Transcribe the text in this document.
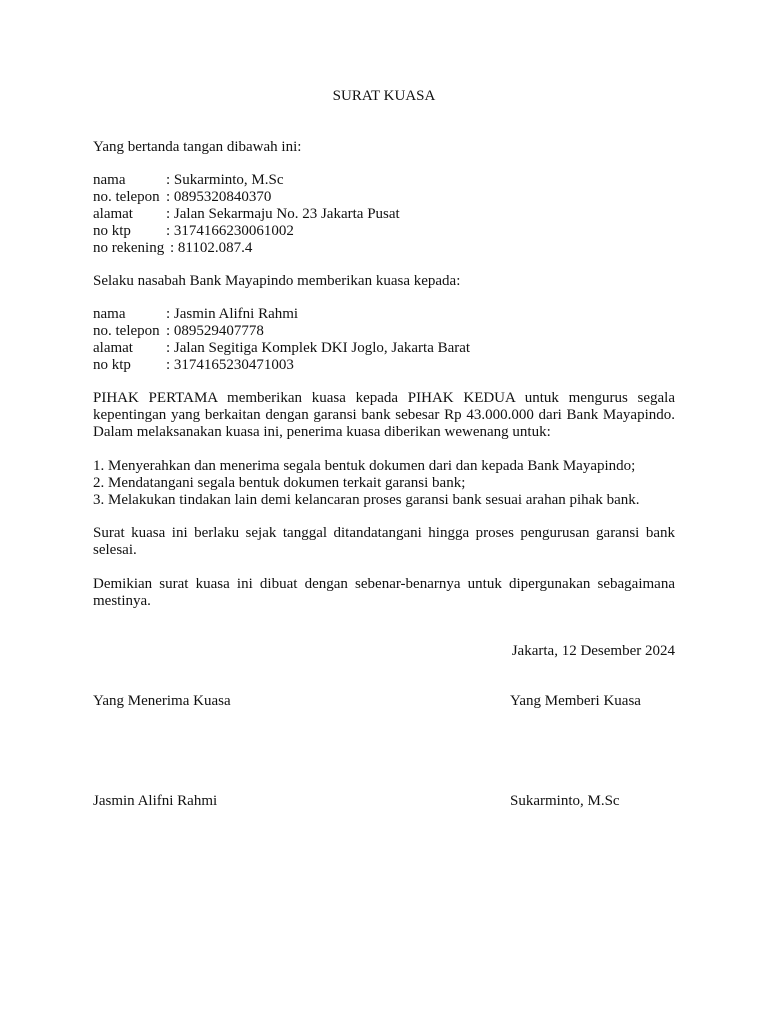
SURAT KUASA
Yang bertanda tangan dibawah ini:
nama	: Sukarminto, M.Sc
no. telepon : 0895320840370
alamat	: Jalan Sekarmaju No. 23 Jakarta Pusat
no ktp	: 3174166230061002
no rekening : 81102.087.4
Selaku nasabah Bank Mayapindo memberikan kuasa kepada:
nama	: Jasmin Alifni Rahmi
no. telepon : 089529407778
alamat	: Jalan Segitiga Komplek DKI Joglo, Jakarta Barat
no ktp	: 3174165230471003
PIHAK PERTAMA memberikan kuasa kepada PIHAK KEDUA untuk mengurus segala kepentingan yang berkaitan dengan garansi bank sebesar Rp 43.000.000 dari Bank Mayapindo. Dalam melaksanakan kuasa ini, penerima kuasa diberikan wewenang untuk:
1. Menyerahkan dan menerima segala bentuk dokumen dari dan kepada Bank Mayapindo;
2. Mendatangani segala bentuk dokumen terkait garansi bank;
3. Melakukan tindakan lain demi kelancaran proses garansi bank sesuai arahan pihak bank.
Surat kuasa ini berlaku sejak tanggal ditandatangani hingga proses pengurusan garansi bank selesai.
Demikian surat kuasa ini dibuat dengan sebenar-benarnya untuk dipergunakan sebagaimana mestinya.
Jakarta, 12 Desember 2024
Yang Menerima Kuasa	Yang Memberi Kuasa
Jasmin Alifni Rahmi	Sukarminto, M.Sc
